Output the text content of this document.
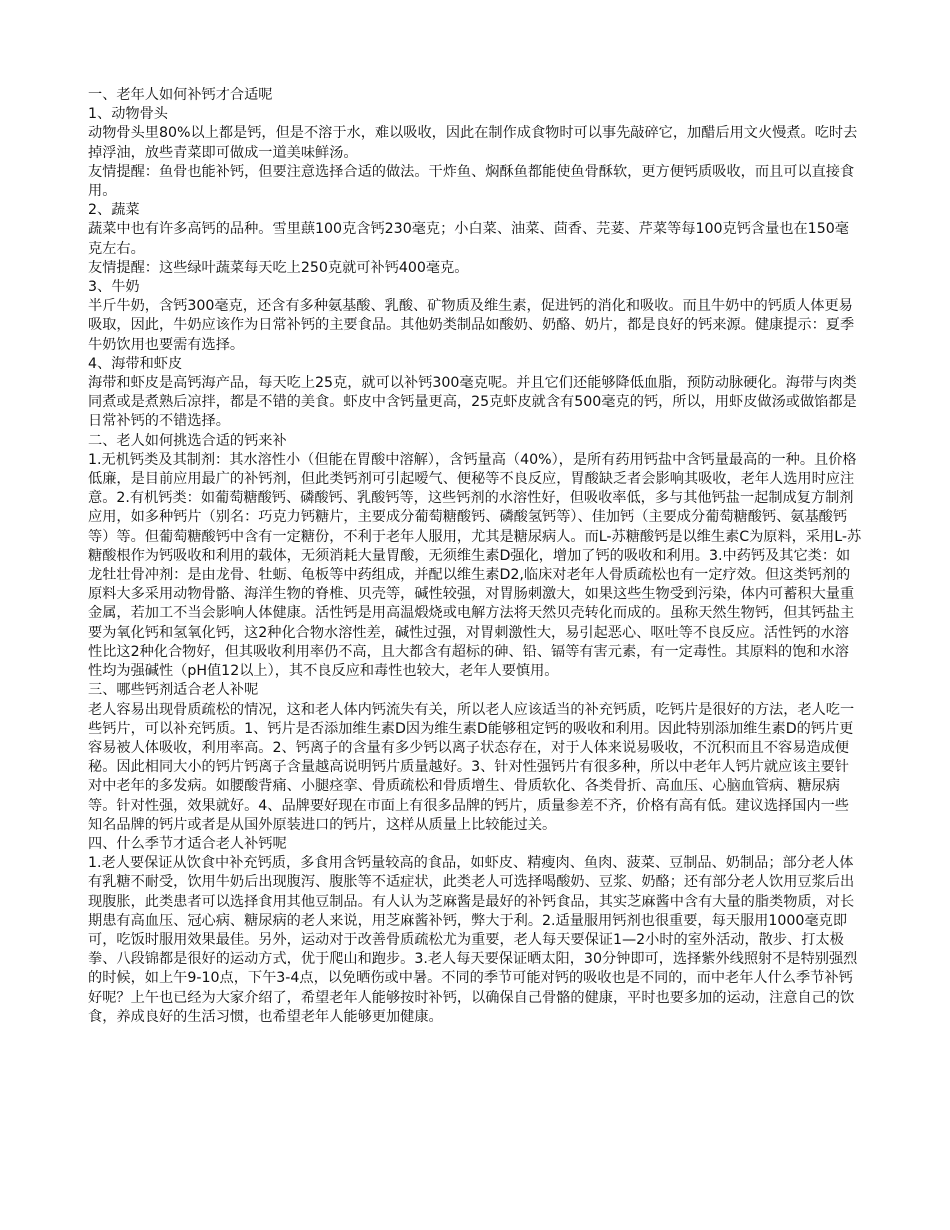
一、老年人如何补钙才合适呢

1、动物骨头

动物骨头里80%以上都是钙，但是不溶于水，难以吸收，因此在制作成食物时可以事先敲碎它，加醋后用文火慢煮。吃时去掉浮油，放些青菜即可做成一道美味鲜汤。

友情提醒：鱼骨也能补钙，但要注意选择合适的做法。干炸鱼、焖酥鱼都能使鱼骨酥软，更方便钙质吸收，而且可以直接食用。

2、蔬菜

蔬菜中也有许多高钙的品种。雪里蕻100克含钙230毫克；小白菜、油菜、茴香、芫荽、芹菜等每100克钙含量也在150毫克左右。

友情提醒：这些绿叶蔬菜每天吃上250克就可补钙400毫克。

3、牛奶

半斤牛奶，含钙300毫克，还含有多种氨基酸、乳酸、矿物质及维生素，促进钙的消化和吸收。而且牛奶中的钙质人体更易吸取，因此，牛奶应该作为日常补钙的主要食品。其他奶类制品如酸奶、奶酪、奶片，都是良好的钙来源。健康提示：夏季牛奶饮用也要需有选择。

4、海带和虾皮

海带和虾皮是高钙海产品，每天吃上25克，就可以补钙300毫克呢。并且它们还能够降低血脂，预防动脉硬化。海带与肉类同煮或是煮熟后凉拌，都是不错的美食。虾皮中含钙量更高，25克虾皮就含有500毫克的钙，所以，用虾皮做汤或做馅都是日常补钙的不错选择。

二、老人如何挑选合适的钙来补

1.无机钙类及其制剂：其水溶性小（但能在胃酸中溶解），含钙量高（40%），是所有药用钙盐中含钙量最高的一种。且价格低廉，是目前应用最广的补钙剂，但此类钙剂可引起嗳气、便秘等不良反应，胃酸缺乏者会影响其吸收，老年人选用时应注意。2.有机钙类：如葡萄糖酸钙、磷酸钙、乳酸钙等，这些钙剂的水溶性好，但吸收率低，多与其他钙盐一起制成复方制剂应用，如多种钙片（别名：巧克力钙糖片，主要成分葡萄糖酸钙、磷酸氢钙等）、佳加钙（主要成分葡萄糖酸钙、氨基酸钙等）等。但葡萄糖酸钙中含有一定糖份，不利于老年人服用，尤其是糖尿病人。而L-苏糖酸钙是以维生素C为原料，采用L-苏糖酸根作为钙吸收和利用的载体，无须消耗大量胃酸，无须维生素D强化，增加了钙的吸收和利用。3.中药钙及其它类：如龙牡壮骨冲剂：是由龙骨、牡蛎、龟板等中药组成，并配以维生素D2,临床对老年人骨质疏松也有一定疗效。但这类钙剂的原料大多采用动物骨骼、海洋生物的脊椎、贝壳等，碱性较强，对胃肠刺激大，如果这些生物受到污染，体内可蓄积大量重金属，若加工不当会影响人体健康。活性钙是用高温煅烧或电解方法将天然贝壳转化而成的。虽称天然生物钙，但其钙盐主要为氧化钙和氢氧化钙，这2种化合物水溶性差，碱性过强，对胃刺激性大，易引起恶心、呕吐等不良反应。活性钙的水溶性比这2种化合物好，但其吸收利用率仍不高，且大都含有超标的砷、铅、镉等有害元素，有一定毒性。其原料的饱和水溶性均为强碱性（pH值12以上），其不良反应和毒性也较大，老年人要慎用。

三、哪些钙剂适合老人补呢

老人容易出现骨质疏松的情况，这和老人体内钙流失有关，所以老人应该适当的补充钙质，吃钙片是很好的方法，老人吃一些钙片，可以补充钙质。1、钙片是否添加维生素D因为维生素D能够租定钙的吸收和利用。因此特别添加维生素D的钙片更容易被人体吸收，利用率高。2、钙离子的含量有多少钙以离子状态存在，对于人体来说易吸收，不沉积而且不容易造成便秘。因此相同大小的钙片钙离子含量越高说明钙片质量越好。3、针对性强钙片有很多种，所以中老年人钙片就应该主要针对中老年的多发病。如腰酸背痛、小腿痉挛、骨质疏松和骨质增生、骨质软化、各类骨折、高血压、心脑血管病、糖尿病等。针对性强，效果就好。4、品牌要好现在市面上有很多品牌的钙片，质量参差不齐，价格有高有低。建议选择国内一些知名品牌的钙片或者是从国外原装进口的钙片，这样从质量上比较能过关。

四、什么季节才适合老人补钙呢

1.老人要保证从饮食中补充钙质，多食用含钙量较高的食品，如虾皮、精瘦肉、鱼肉、菠菜、豆制品、奶制品；部分老人体有乳糖不耐受，饮用牛奶后出现腹泻、腹胀等不适症状，此类老人可选择喝酸奶、豆浆、奶酪；还有部分老人饮用豆浆后出现腹胀，此类患者可以选择食用其他豆制品。有人认为芝麻酱是最好的补钙食品，其实芝麻酱中含有大量的脂类物质，对长期患有高血压、冠心病、糖尿病的老人来说，用芝麻酱补钙，弊大于利。2.适量服用钙剂也很重要，每天服用1000毫克即可，吃饭时服用效果最佳。另外，运动对于改善骨质疏松尤为重要，老人每天要保证1—2小时的室外活动，散步、打太极拳、八段锦都是很好的运动方式，优于爬山和跑步。3.老人每天要保证晒太阳，30分钟即可，选择紫外线照射不是特别强烈的时候，如上午9-10点，下午3-4点，以免晒伤或中暑。不同的季节可能对钙的吸收也是不同的，而中老年人什么季节补钙好呢？上午也已经为大家介绍了，希望老年人能够按时补钙，以确保自己骨骼的健康，平时也要多加的运动，注意自己的饮食，养成良好的生活习惯，也希望老年人能够更加健康。
